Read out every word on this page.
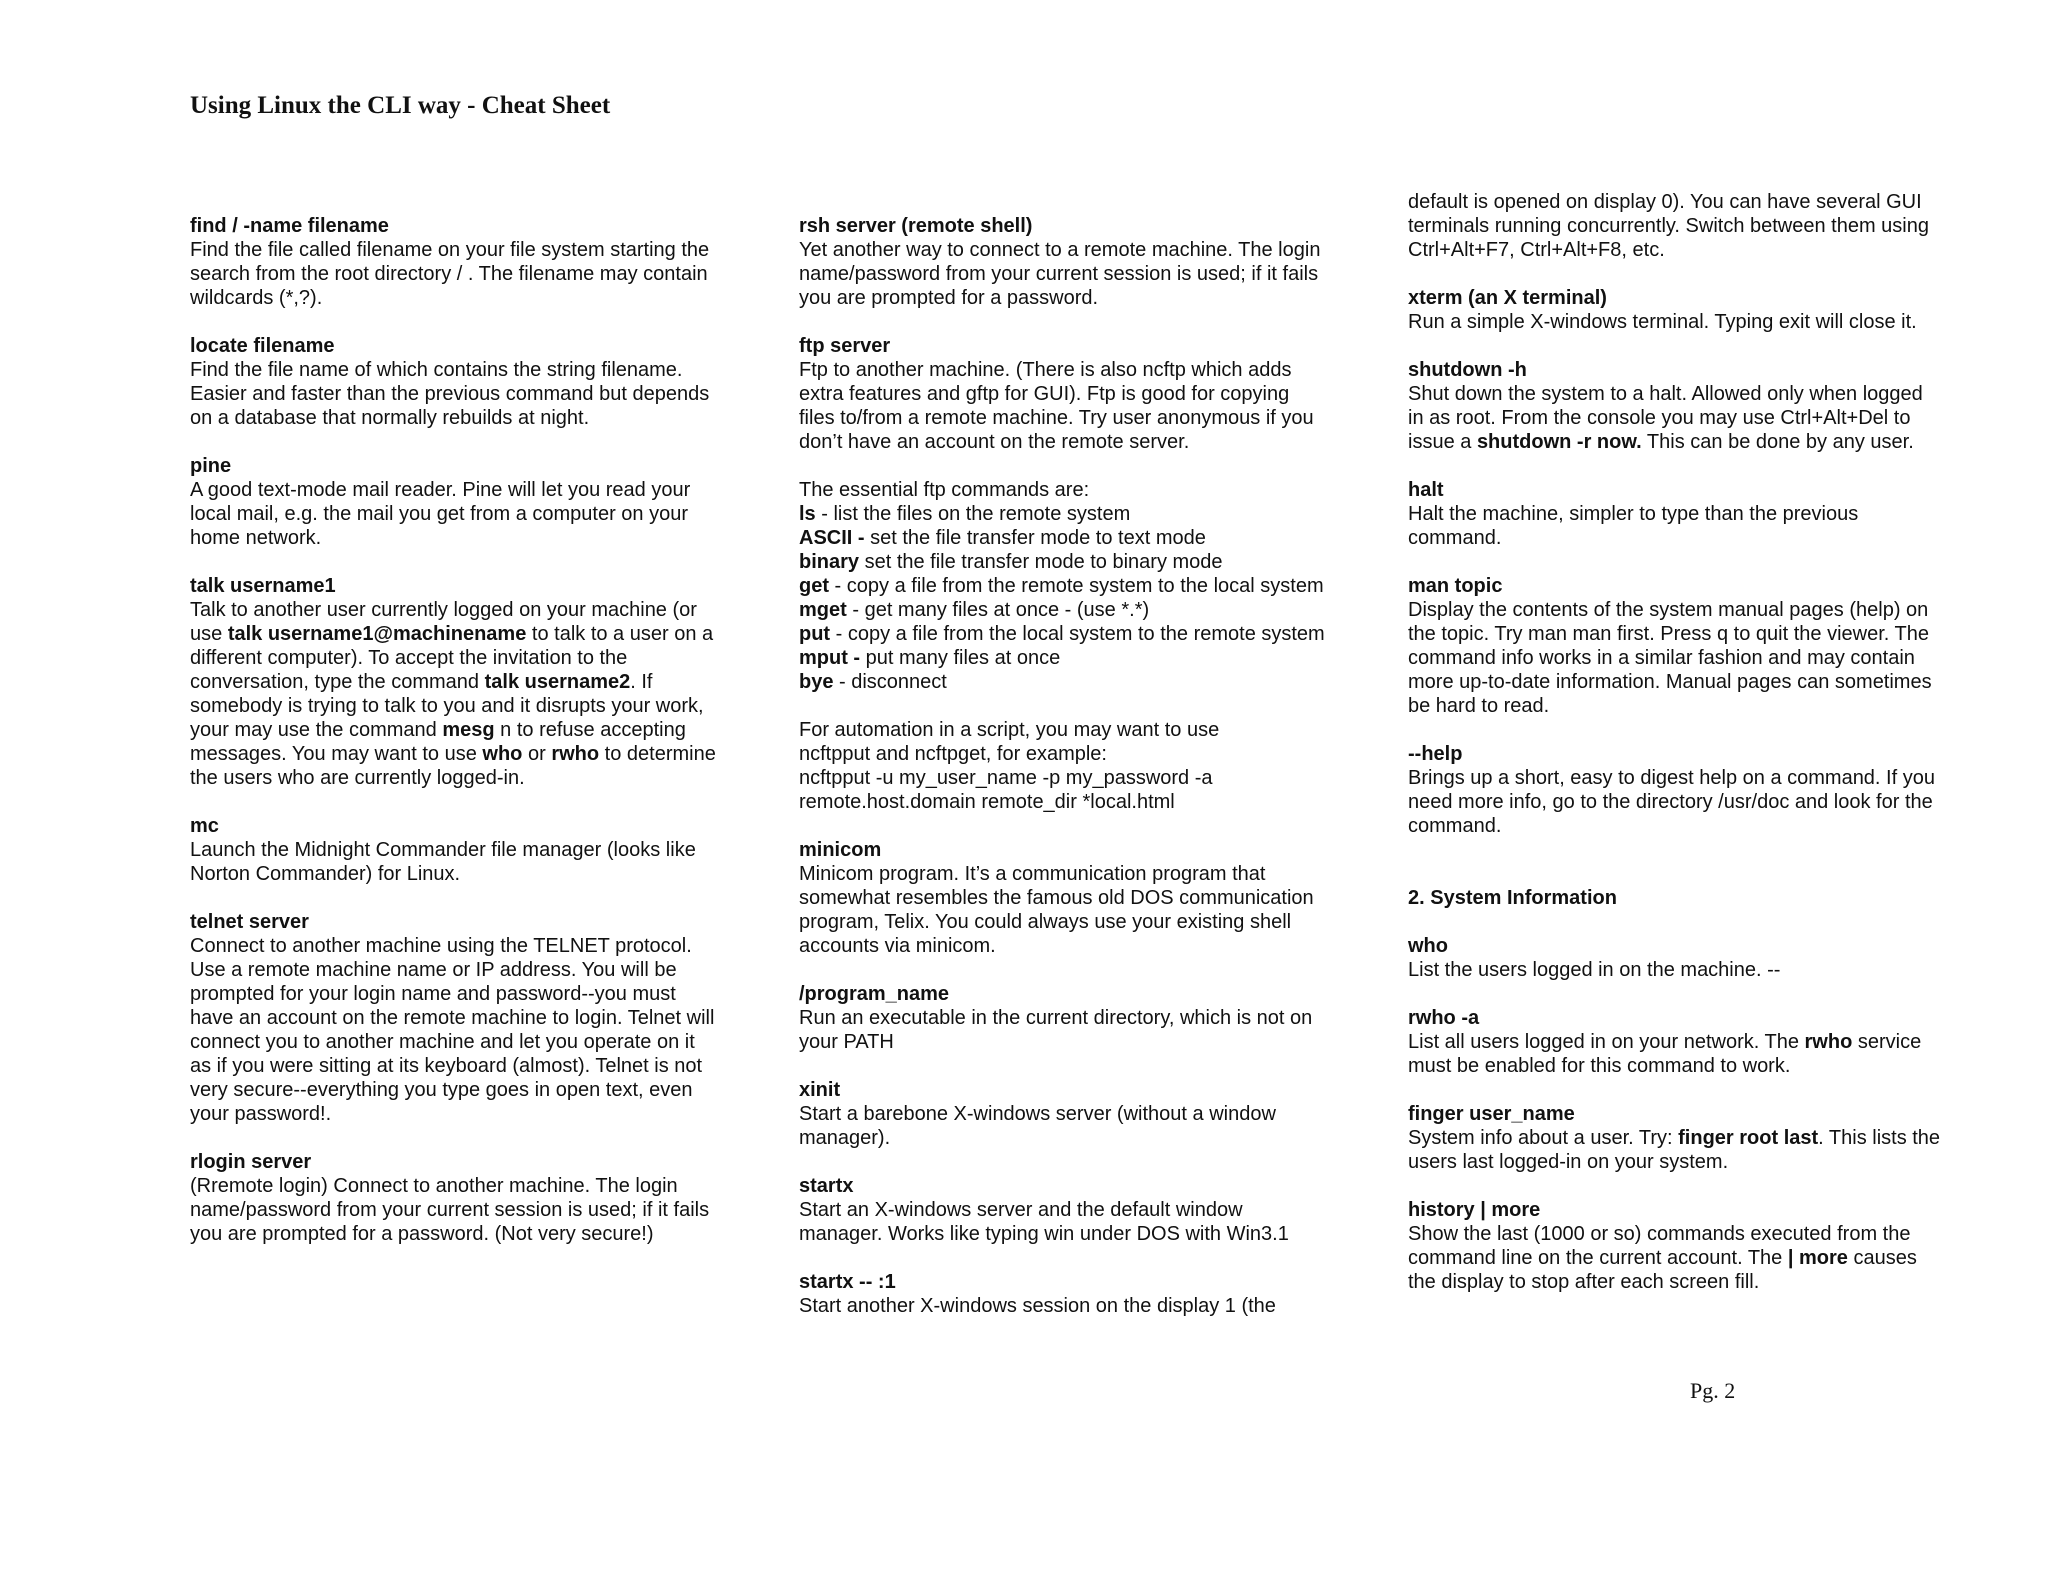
Using Linux the CLI way - Cheat Sheet
find / -name filename
Find the file called filename on your file system starting the search from the root directory / . The filename may contain wildcards (*,?).
locate filename
Find the file name of which contains the string filename. Easier and faster than the previous command but depends on a database that normally rebuilds at night.
pine
A good text-mode mail reader. Pine will let you read your local mail, e.g. the mail you get from a computer on your home network.
talk username1
Talk to another user currently logged on your machine (or use talk username1@machinename to talk to a user on a different computer). To accept the invitation to the conversation, type the command talk username2. If somebody is trying to talk to you and it disrupts your work, your may use the command mesg n to refuse accepting messages. You may want to use who or rwho to determine the users who are currently logged-in.
mc
Launch the Midnight Commander file manager (looks like Norton Commander) for Linux.
telnet server
Connect to another machine using the TELNET protocol. Use a remote machine name or IP address. You will be prompted for your login name and password--you must have an account on the remote machine to login. Telnet will connect you to another machine and let you operate on it as if you were sitting at its keyboard (almost). Telnet is not very secure--everything you type goes in open text, even your password!.
rlogin server
(Rremote login) Connect to another machine. The login name/password from your current session is used; if it fails you are prompted for a password. (Not very secure!)
rsh server (remote shell)
Yet another way to connect to a remote machine. The login name/password from your current session is used; if it fails you are prompted for a password.
ftp server
Ftp to another machine. (There is also ncftp which adds extra features and gftp for GUI). Ftp is good for copying files to/from a remote machine. Try user anonymous if you don’t have an account on the remote server.
The essential ftp commands are:
ls - list the files on the remote system
ASCII - set the file transfer mode to text mode
binary set the file transfer mode to binary mode
get - copy a file from the remote system to the local system
mget - get many files at once - (use *.*)
put - copy a file from the local system to the remote system
mput - put many files at once
bye - disconnect
For automation in a script, you may want to use
ncftpput and ncftpget, for example:
ncftpput -u my_user_name -p my_password -a
remote.host.domain remote_dir *local.html
minicom
Minicom program. It’s a communication program that somewhat resembles the famous old DOS communication program, Telix. You could always use your existing shell accounts via minicom.
/program_name
Run an executable in the current directory, which is not on your PATH
xinit
Start a barebone X-windows server (without a window manager).
startx
Start an X-windows server and the default window manager. Works like typing win under DOS with Win3.1
startx -- :1
Start another X-windows session on the display 1 (the
default is opened on display 0). You can have several GUI terminals running concurrently. Switch between them using Ctrl+Alt+F7, Ctrl+Alt+F8, etc.
xterm (an X terminal)
Run a simple X-windows terminal. Typing exit will close it.
shutdown -h
Shut down the system to a halt. Allowed only when logged in as root. From the console you may use Ctrl+Alt+Del to issue a shutdown -r now. This can be done by any user.
halt
Halt the machine, simpler to type than the previous command.
man topic
Display the contents of the system manual pages (help) on the topic. Try man man first. Press q to quit the viewer. The command info works in a similar fashion and may contain more up-to-date information. Manual pages can sometimes be hard to read.
--help
Brings up a short, easy to digest help on a command. If you need more info, go to the directory /usr/doc and look for the command.
2. System Information
who
List the users logged in on the machine. --
rwho -a
List all users logged in on your network. The rwho service must be enabled for this command to work.
finger user_name
System info about a user. Try: finger root last. This lists the users last logged-in on your system.
history | more
Show the last (1000 or so) commands executed from the command line on the current account. The | more causes the display to stop after each screen fill.
Pg. 2
